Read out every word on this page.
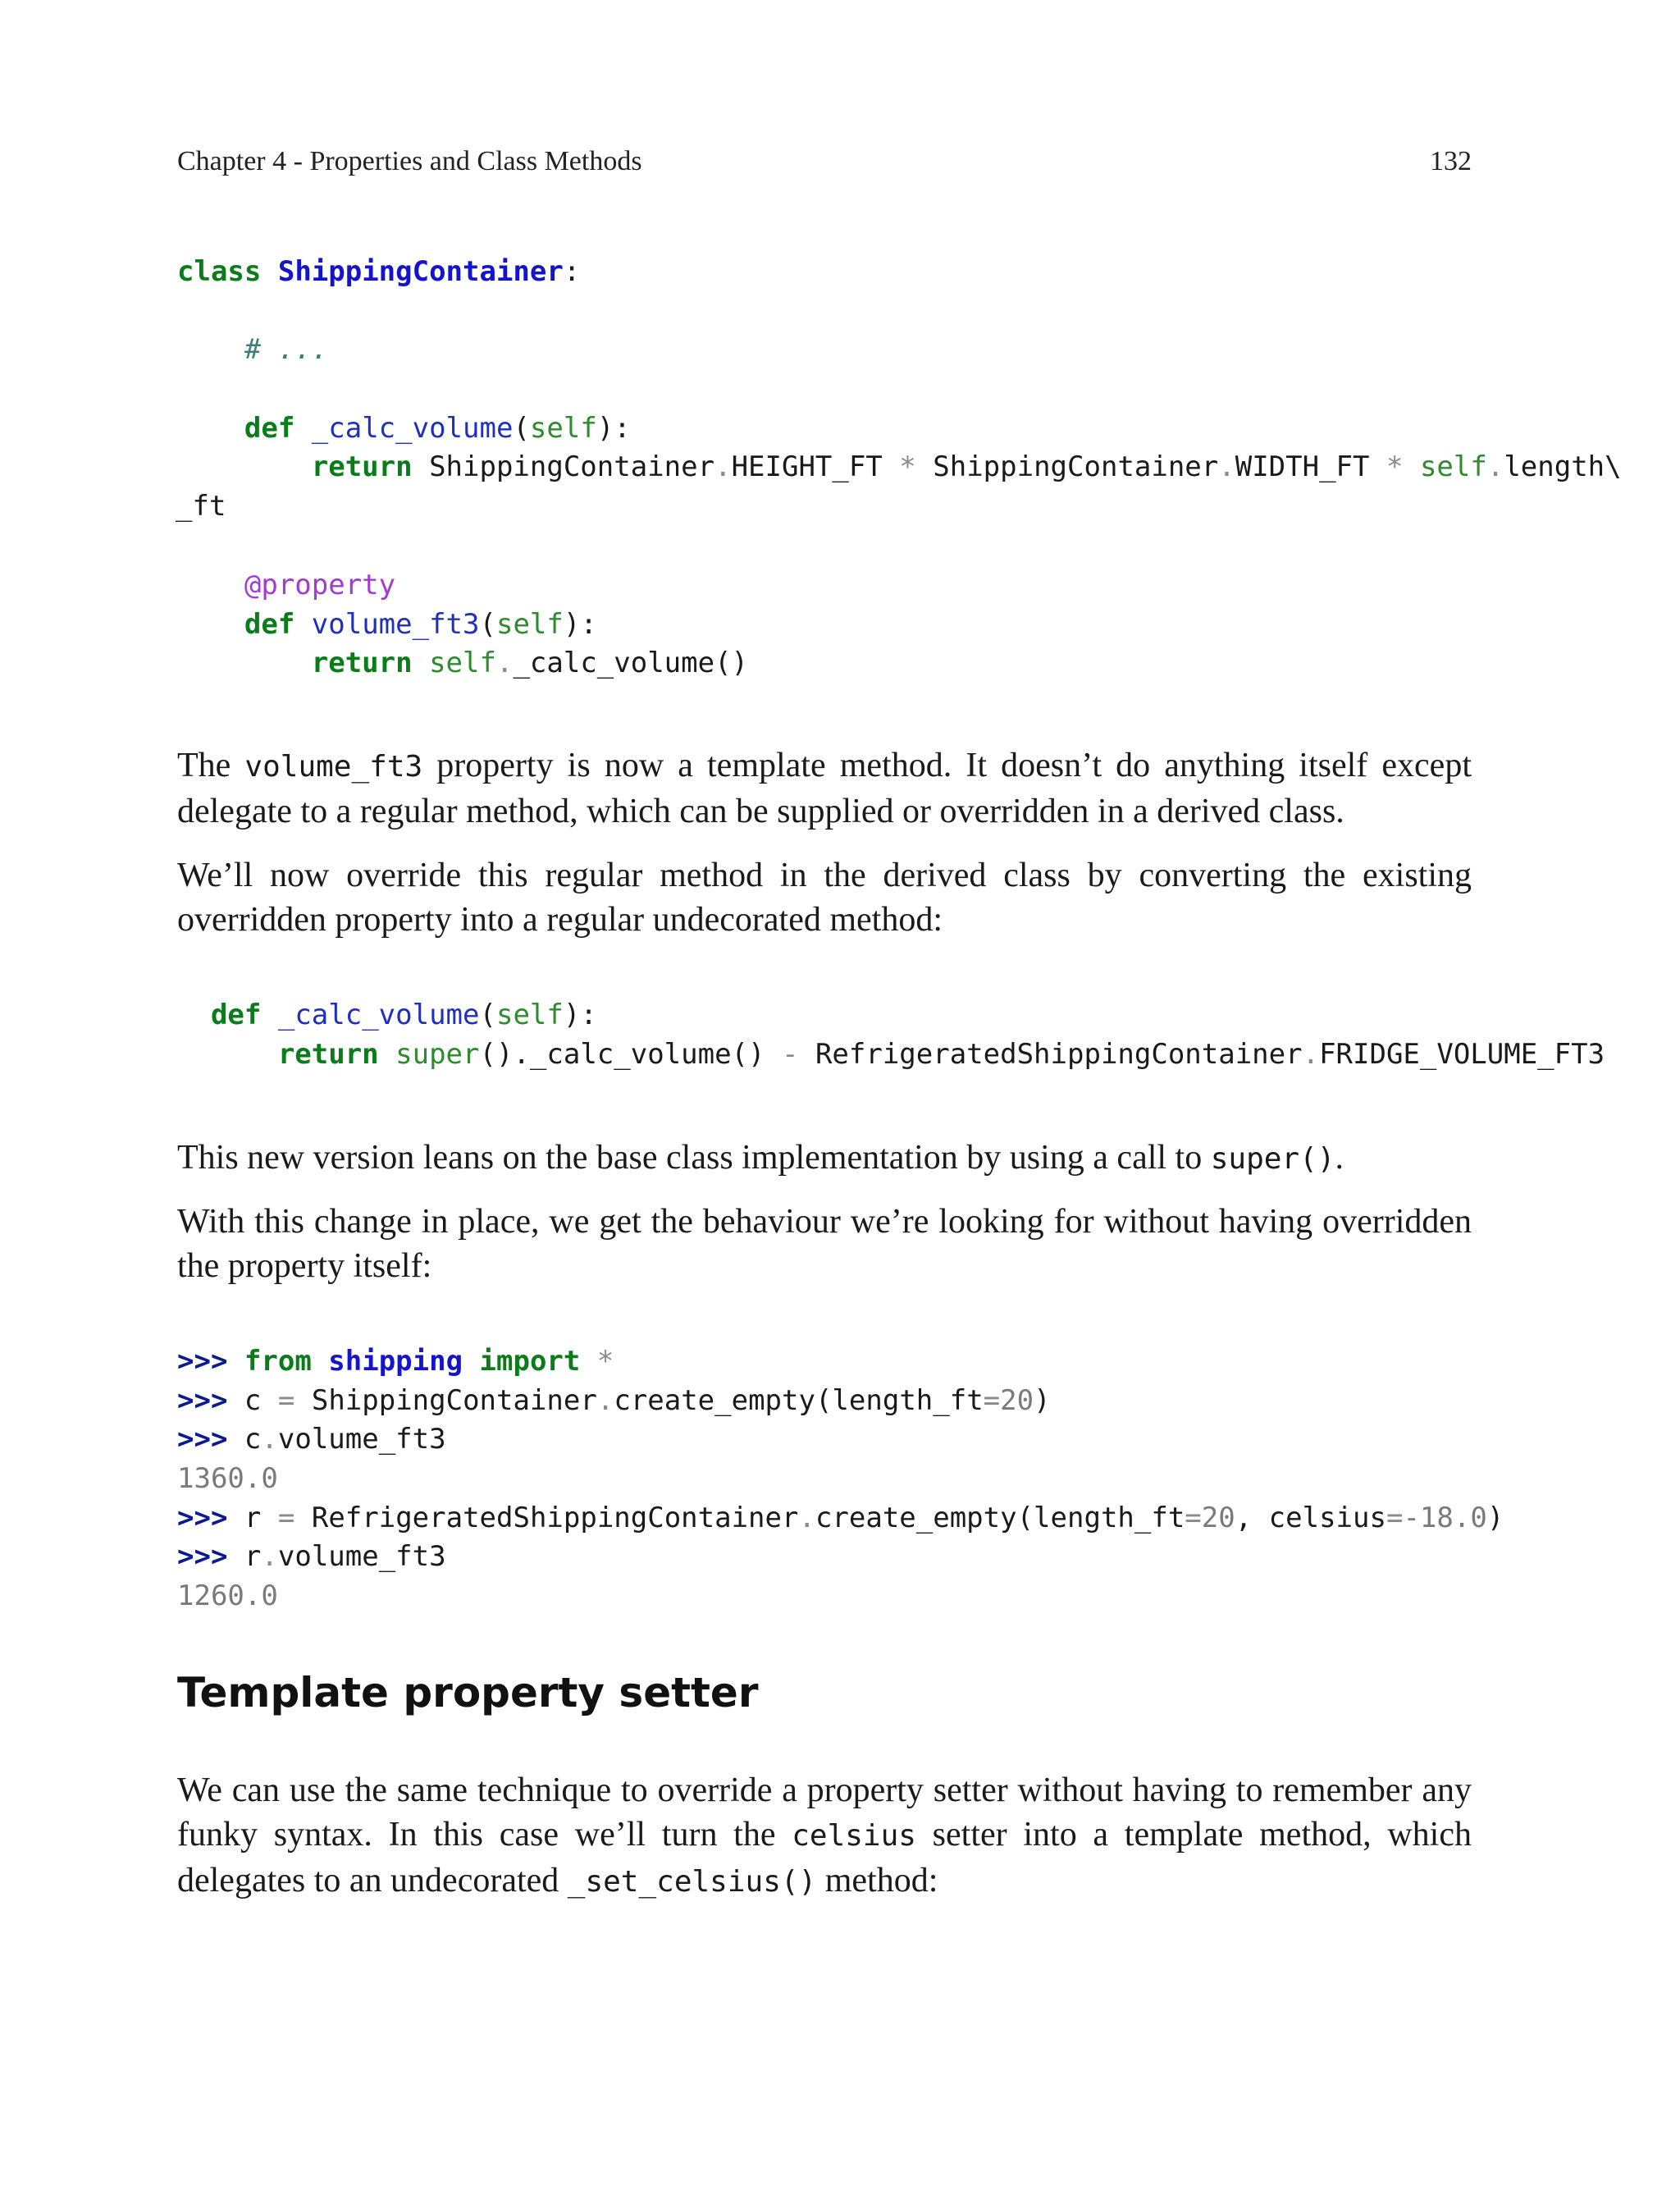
Chapter 4 - Properties and Class Methods	132
class ShippingContainer:
# ...
def _calc_volume(self):
return ShippingContainer.HEIGHT_FT * ShippingContainer.WIDTH_FT * self.length\
_ft
@property
def volume_ft3(self):
return self._calc_volume()

The volume_ft3 property is now a template method. It doesn’t do anything itself except delegate to a regular method, which can be supplied or overridden in a derived class.

We’ll now override this regular method in the derived class by converting the existing overridden property into a regular undecorated method:

def _calc_volume(self):
return super()._calc_volume() - RefrigeratedShippingContainer.FRIDGE_VOLUME_FT3

This new version leans on the base class implementation by using a call to super().

With this change in place, we get the behaviour we’re looking for without having overridden the property itself:

>>> from shipping import *
>>> c = ShippingContainer.create_empty(length_ft=20)
>>> c.volume_ft3
1360.0
>>> r = RefrigeratedShippingContainer.create_empty(length_ft=20, celsius=-18.0)
>>> r.volume_ft3
1260.0
Template property setter

We can use the same technique to override a property setter without having to remember any funky syntax. In this case we’ll turn the celsius setter into a template method, which delegates to an undecorated _set_celsius() method:
